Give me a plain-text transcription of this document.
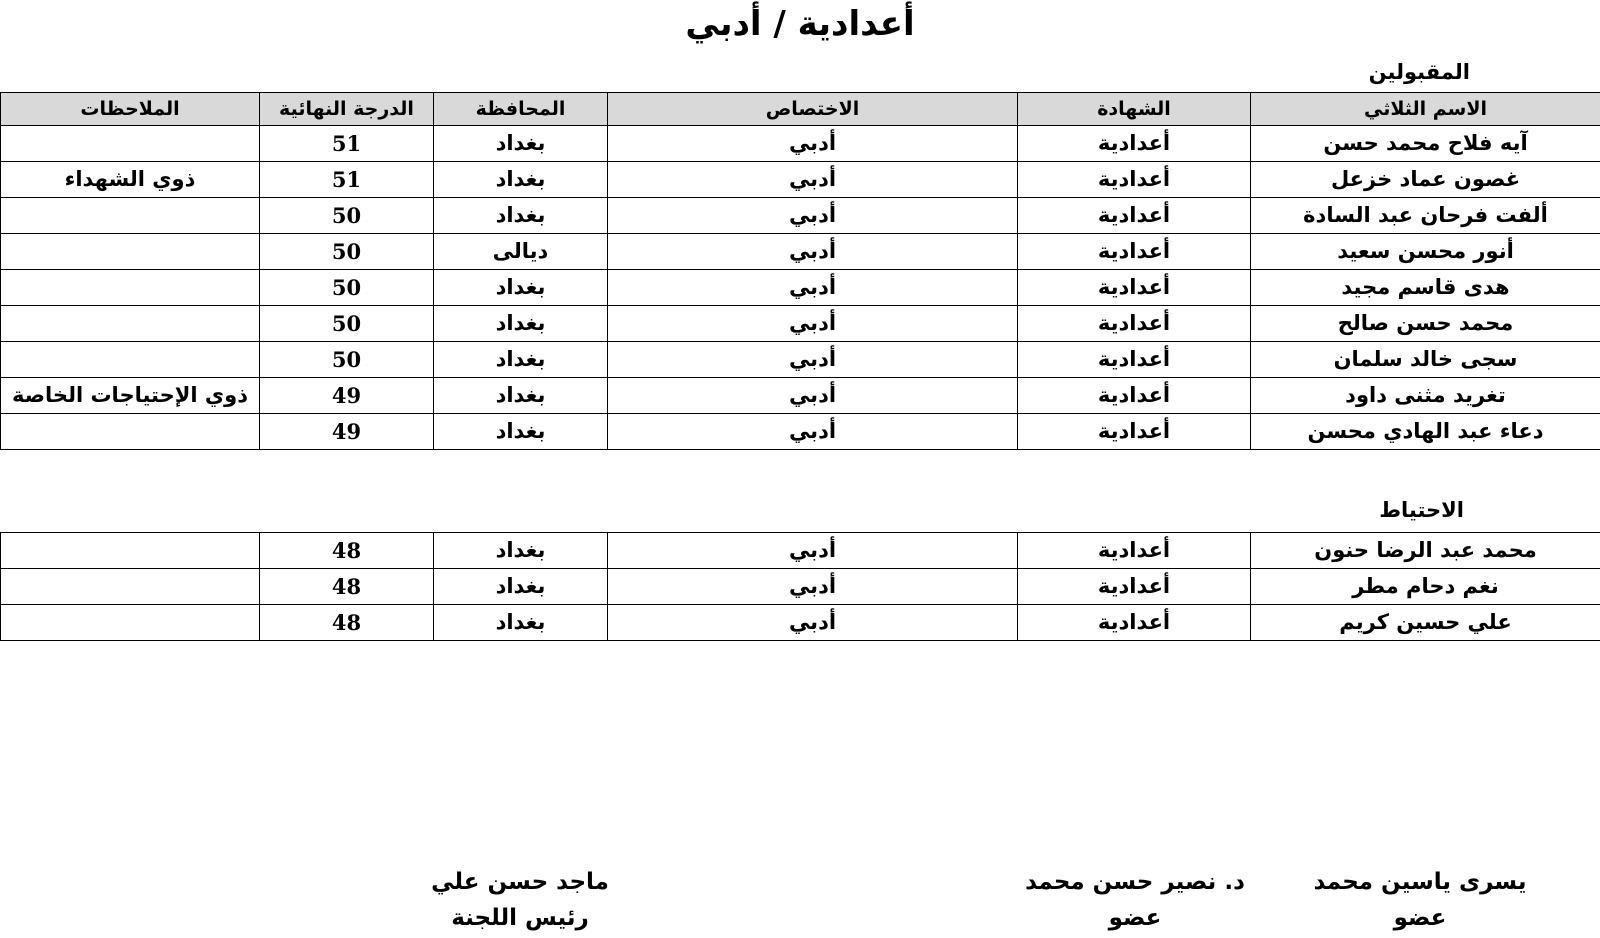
أعدادية / أدبي
المقبولين
الاسم الثلاثي	الشهادة	الاختصاص	المحافظة	الدرجة النهائية	الملاحظات
آيه فلاح محمد حسن	أعدادية	أدبي	بغداد	51	
غصون عماد خزعل	أعدادية	أدبي	بغداد	51	ذوي الشهداء
ألفت فرحان عبد السادة	أعدادية	أدبي	بغداد	50	
أنور محسن سعيد	أعدادية	أدبي	ديالى	50	
هدى قاسم مجيد	أعدادية	أدبي	بغداد	50	
محمد حسن صالح	أعدادية	أدبي	بغداد	50	
سجى خالد سلمان	أعدادية	أدبي	بغداد	50	
تغريد مثنى داود	أعدادية	أدبي	بغداد	49	ذوي الإحتياجات الخاصة
دعاء عبد الهادي محسن	أعدادية	أدبي	بغداد	49	
الاحتياط
محمد عبد الرضا حنون	أعدادية	أدبي	بغداد	48	
نغم دحام مطر	أعدادية	أدبي	بغداد	48	
علي حسين كريم	أعدادية	أدبي	بغداد	48	
يسرى ياسين محمد
عضو
د. نصير حسن محمد
عضو
ماجد حسن علي
رئيس اللجنة
